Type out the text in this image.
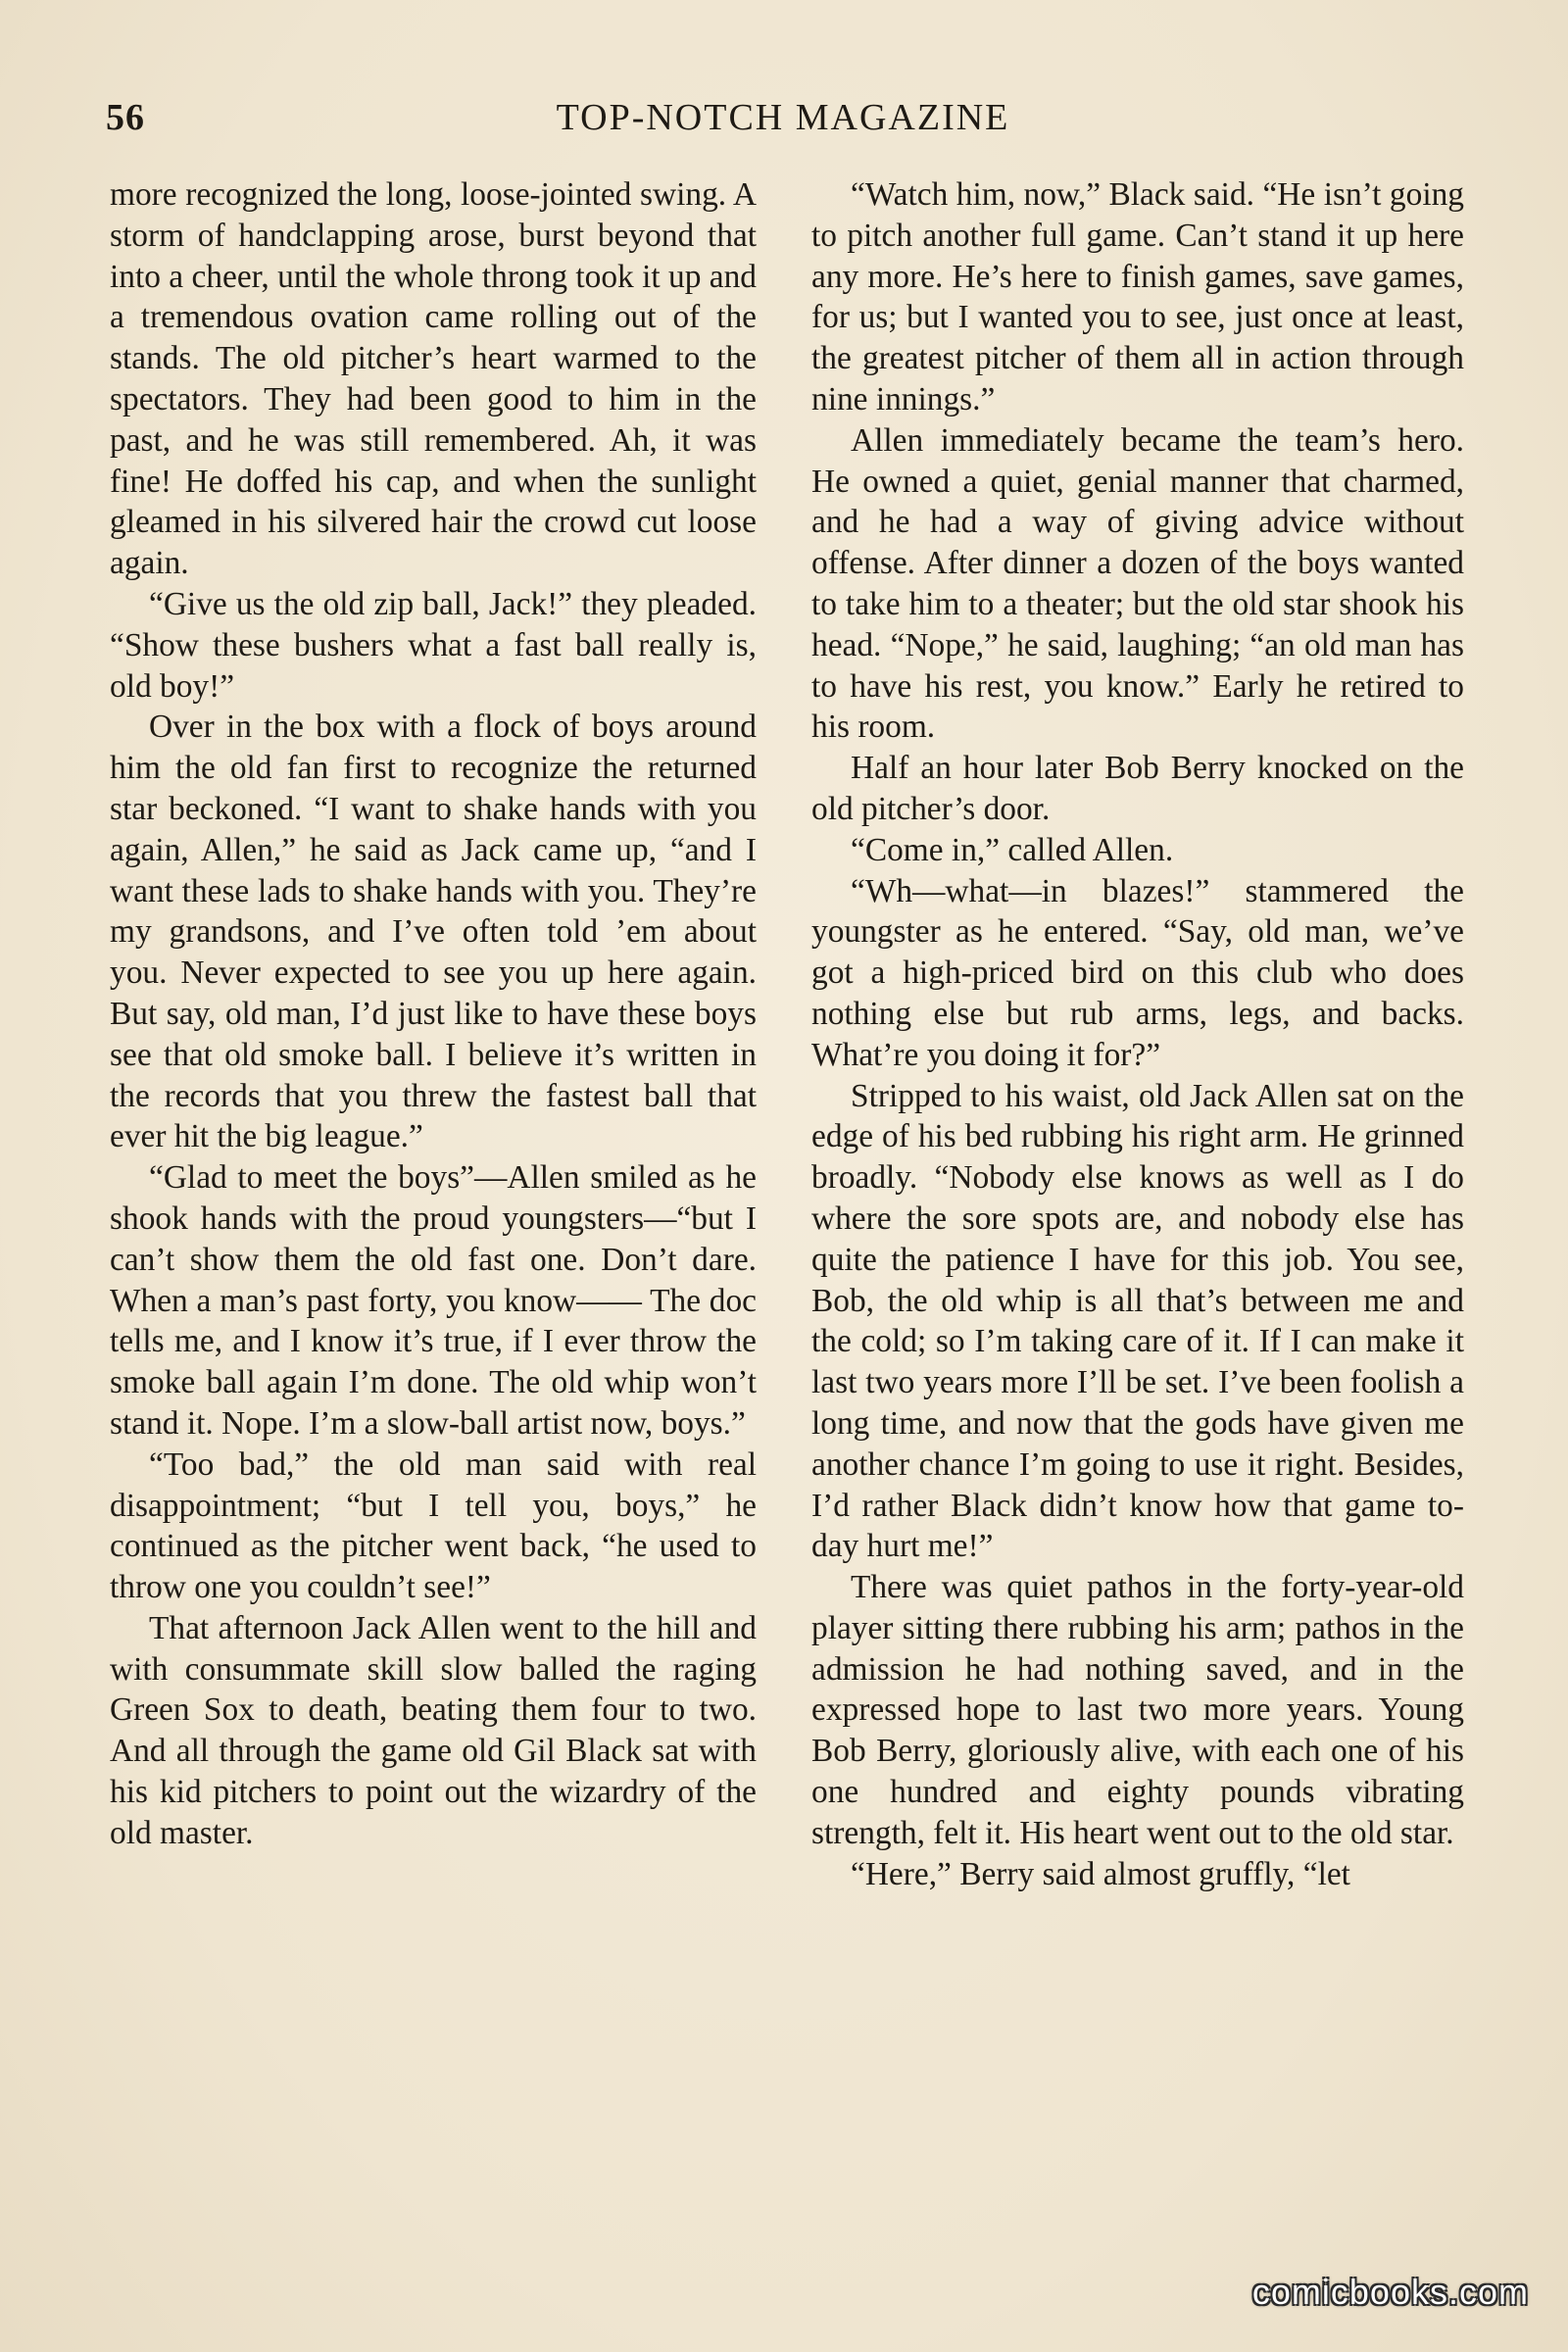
56	TOP-NOTCH MAGAZINE

more recognized the long, loose-jointed swing. A storm of handclapping arose, burst beyond that into a cheer, until the whole throng took it up and a tremendous ovation came rolling out of the stands. The old pitcher’s heart warmed to the spectators. They had been good to him in the past, and he was still remembered. Ah, it was fine! He doffed his cap, and when the sunlight gleamed in his silvered hair the crowd cut loose again.

“Give us the old zip ball, Jack!” they pleaded. “Show these bushers what a fast ball really is, old boy!”

Over in the box with a flock of boys around him the old fan first to recognize the returned star beckoned. “I want to shake hands with you again, Allen,” he said as Jack came up, “and I want these lads to shake hands with you. They’re my grandsons, and I’ve often told ’em about you. Never expected to see you up here again. But say, old man, I’d just like to have these boys see that old smoke ball. I believe it’s written in the records that you threw the fastest ball that ever hit the big league.”

“Glad to meet the boys”—Allen smiled as he shook hands with the proud youngsters—“but I can’t show them the old fast one. Don’t dare. When a man’s past forty, you know—— The doc tells me, and I know it’s true, if I ever throw the smoke ball again I’m done. The old whip won’t stand it. Nope. I’m a slow-ball artist now, boys.”

“Too bad,” the old man said with real disappointment; “but I tell you, boys,” he continued as the pitcher went back, “he used to throw one you couldn’t see!”

That afternoon Jack Allen went to the hill and with consummate skill slow balled the raging Green Sox to death, beating them four to two. And all through the game old Gil Black sat with his kid pitchers to point out the wizardry of the old master.

“Watch him, now,” Black said. “He isn’t going to pitch another full game. Can’t stand it up here any more. He’s here to finish games, save games, for us; but I wanted you to see, just once at least, the greatest pitcher of them all in action through nine innings.”

Allen immediately became the team’s hero. He owned a quiet, genial manner that charmed, and he had a way of giving advice without offense. After dinner a dozen of the boys wanted to take him to a theater; but the old star shook his head. “Nope,” he said, laughing; “an old man has to have his rest, you know.” Early he retired to his room.

Half an hour later Bob Berry knocked on the old pitcher’s door.

“Come in,” called Allen.

“Wh—what—in blazes!” stammered the youngster as he entered. “Say, old man, we’ve got a high-priced bird on this club who does nothing else but rub arms, legs, and backs. What’re you doing it for?”

Stripped to his waist, old Jack Allen sat on the edge of his bed rubbing his right arm. He grinned broadly. “Nobody else knows as well as I do where the sore spots are, and nobody else has quite the patience I have for this job. You see, Bob, the old whip is all that’s between me and the cold; so I’m taking care of it. If I can make it last two years more I’ll be set. I’ve been foolish a long time, and now that the gods have given me another chance I’m going to use it right. Besides, I’d rather Black didn’t know how that game to-day hurt me!”

There was quiet pathos in the forty-year-old player sitting there rubbing his arm; pathos in the admission he had nothing saved, and in the expressed hope to last two more years. Young Bob Berry, gloriously alive, with each one of his one hundred and eighty pounds vibrating strength, felt it. His heart went out to the old star.

“Here,” Berry said almost gruffly, “let

comicbooks.com
